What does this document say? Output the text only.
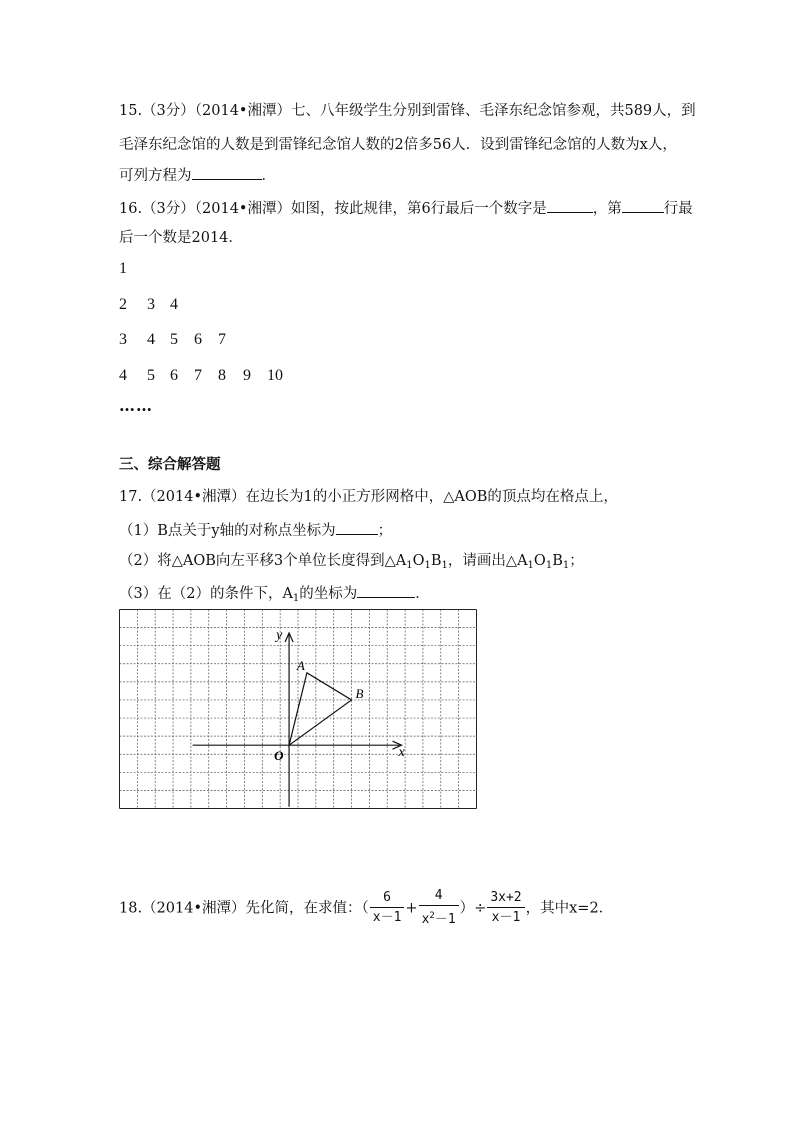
15.（3分）（2014•湘潭）七、八年级学生分别到雷锋、毛泽东纪念馆参观，共589人，到
毛泽东纪念馆的人数是到雷锋纪念馆人数的2倍多56人．设到雷锋纪念馆的人数为x人，
可列方程为	．
16.（3分）（2014•湘潭）如图，按此规律，第6行最后一个数字是	，第	行最
后一个数是2014．
1
2 3 4
3 4 5 6 7
4 5 6 7 8 9 10
……
三、综合解答题
17.（2014•湘潭）在边长为1的小正方形网格中，△AOB的顶点均在格点上，
（1）B点关于y轴的对称点坐标为	；
（2）将△AOB向左平移3个单位长度得到$\triangle A_1O_1B_1$，请画出$\triangle A_1O_1B_1$；
（3）在（2）的条件下，$A_1$的坐标为	．
x
y
O
A
B
18.（2014•湘潭）先化简，在求值：（ $\frac{6}{x-1} + \frac{4}{x^2-1}$ ）÷ $\frac{3x+2}{x-1}$ ，其中x=2．
